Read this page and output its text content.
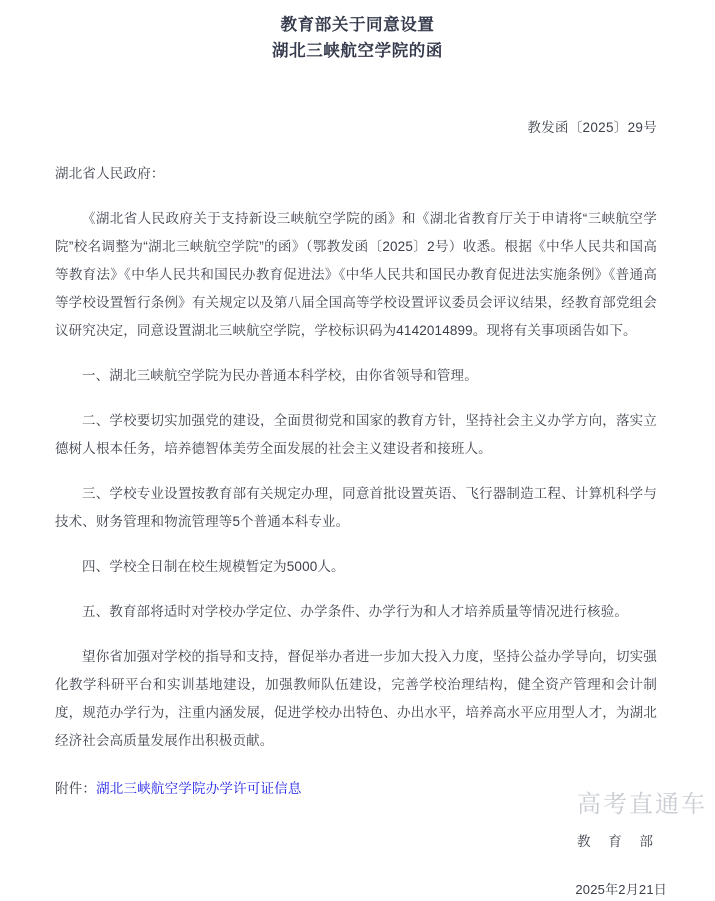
教育部关于同意设置
湖北三峡航空学院的函
教发函〔2025〕29号
湖北省人民政府：

《湖北省人民政府关于支持新设三峡航空学院的函》和《湖北省教育厅关于申请将“三峡航空学院”校名调整为“湖北三峡航空学院”的函》（鄂教发函〔2025〕2号）收悉。根据《中华人民共和国高等教育法》《中华人民共和国民办教育促进法》《中华人民共和国民办教育促进法实施条例》《普通高等学校设置暂行条例》有关规定以及第八届全国高等学校设置评议委员会评议结果，经教育部党组会议研究决定，同意设置湖北三峡航空学院，学校标识码为4142014899。现将有关事项函告如下。

一、湖北三峡航空学院为民办普通本科学校，由你省领导和管理。

二、学校要切实加强党的建设，全面贯彻党和国家的教育方针，坚持社会主义办学方向，落实立德树人根本任务，培养德智体美劳全面发展的社会主义建设者和接班人。

三、学校专业设置按教育部有关规定办理，同意首批设置英语、飞行器制造工程、计算机科学与技术、财务管理和物流管理等5个普通本科专业。

四、学校全日制在校生规模暂定为5000人。

五、教育部将适时对学校办学定位、办学条件、办学行为和人才培养质量等情况进行核验。

望你省加强对学校的指导和支持，督促举办者进一步加大投入力度，坚持公益办学导向，切实强化教学科研平台和实训基地建设，加强教师队伍建设，完善学校治理结构，健全资产管理和会计制度，规范办学行为，注重内涵发展，促进学校办出特色、办出水平，培养高水平应用型人才，为湖北经济社会高质量发展作出积极贡献。

附件：湖北三峡航空学院办学许可证信息
教 育 部
2025年2月21日
高考直通车
